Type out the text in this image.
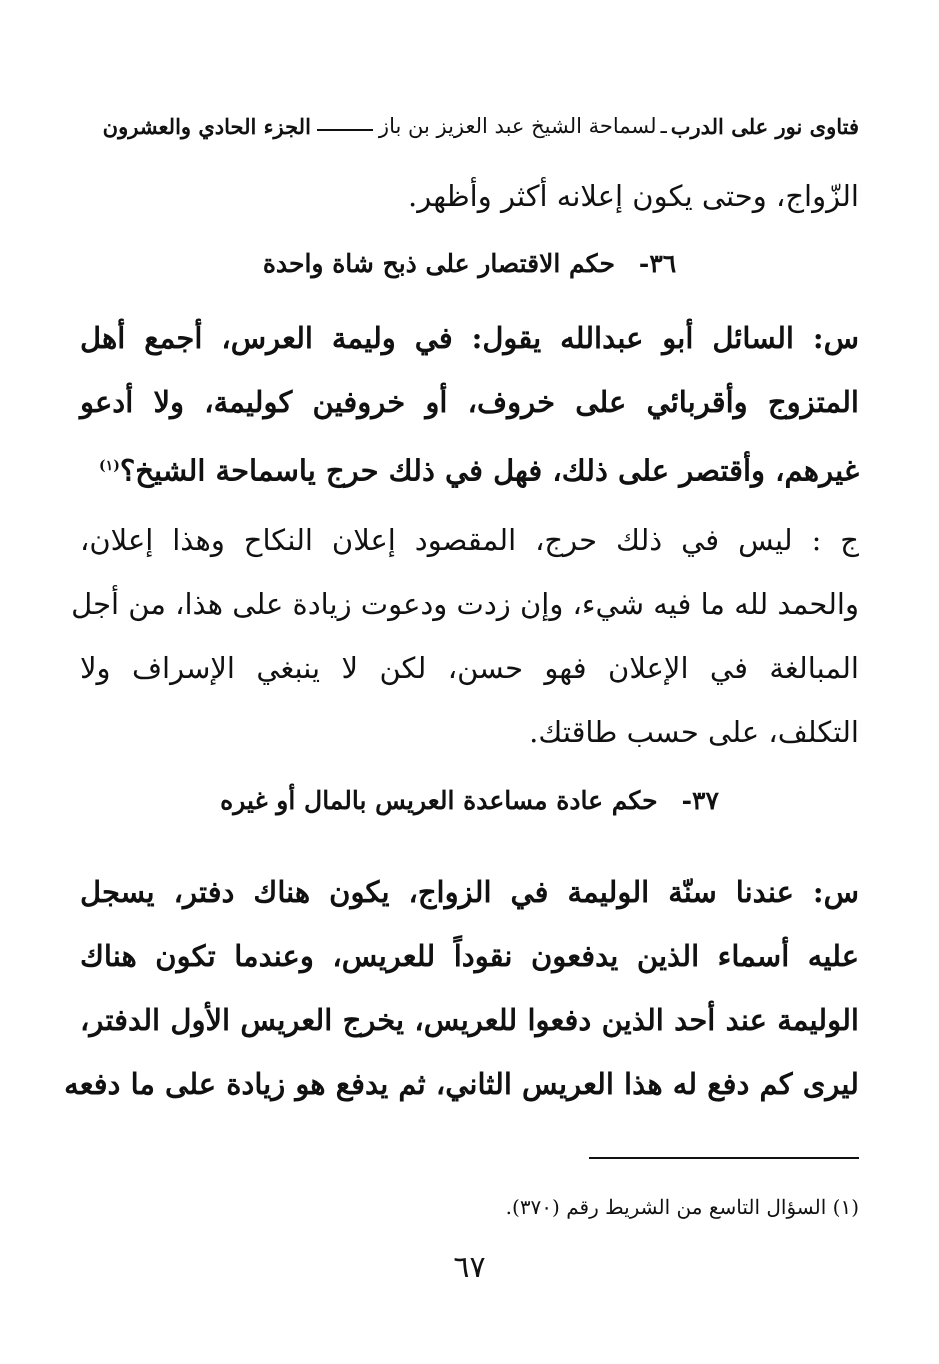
فتاوى نور على الدرب
ـ
لسماحة الشيخ عبد العزيز بن باز
الجزء الحادي والعشرون
الزّواج، وحتى يكون إعلانه أكثر وأظهر.
٣٦-حكم الاقتصار على ذبح شاة واحدة
س: السائل أبو عبدالله يقول: في وليمة العرس، أجمع أهل
المتزوج وأقربائي على خروف، أو خروفين كوليمة، ولا أدعو
غيرهم، وأقتصر على ذلك، فهل في ذلك حرج ياسماحة الشيخ؟$^{(١)}$
ج : ليس في ذلك حرج، المقصود إعلان النكاح وهذا إعلان،
والحمد لله ما فيه شيء، وإن زدت ودعوت زيادة على هذا، من أجل
المبالغة في الإعلان فهو حسن، لكن لا ينبغي الإسراف ولا
التكلف، على حسب طاقتك.
٣٧-حكم عادة مساعدة العريس بالمال أو غيره
س: عندنا سنّة الوليمة في الزواج، يكون هناك دفتر، يسجل
عليه أسماء الذين يدفعون نقوداً للعريس، وعندما تكون هناك
الوليمة عند أحد الذين دفعوا للعريس، يخرج العريس الأول الدفتر،
ليرى كم دفع له هذا العريس الثاني، ثم يدفع هو زيادة على ما دفعه
(١) السؤال التاسع من الشريط رقم (٣٧٠).
٦٧
